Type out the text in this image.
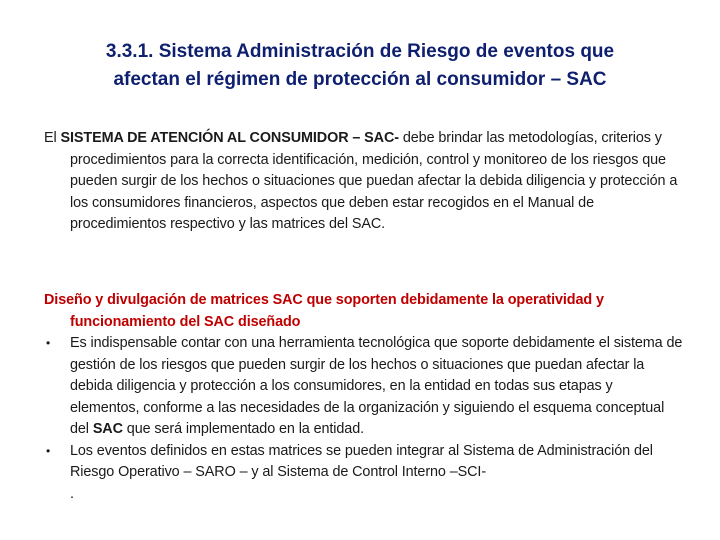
3.3.1. Sistema Administración de Riesgo de eventos que
afectan el régimen de protección al consumidor – SAC
El SISTEMA DE ATENCIÓN AL CONSUMIDOR – SAC- debe brindar las metodologías, criterios y procedimientos para la correcta identificación, medición, control y monitoreo de los riesgos que pueden surgir de los hechos o situaciones que puedan afectar la debida diligencia y protección a los consumidores financieros, aspectos que deben estar recogidos en el Manual de procedimientos respectivo y las matrices del SAC.
Diseño y divulgación de matrices SAC que soporten debidamente la operatividad y funcionamiento del SAC diseñado
• Es indispensable contar con una herramienta tecnológica que soporte debidamente el sistema de gestión de los riesgos que pueden surgir de los hechos o situaciones que puedan afectar la debida diligencia y protección a los consumidores, en la entidad en todas sus etapas y elementos, conforme a las necesidades de la organización y siguiendo el esquema conceptual del SAC que será implementado en la entidad.
• Los eventos definidos en estas matrices se pueden integrar al Sistema de Administración del Riesgo Operativo – SARO – y al Sistema de Control Interno –SCI-
.
